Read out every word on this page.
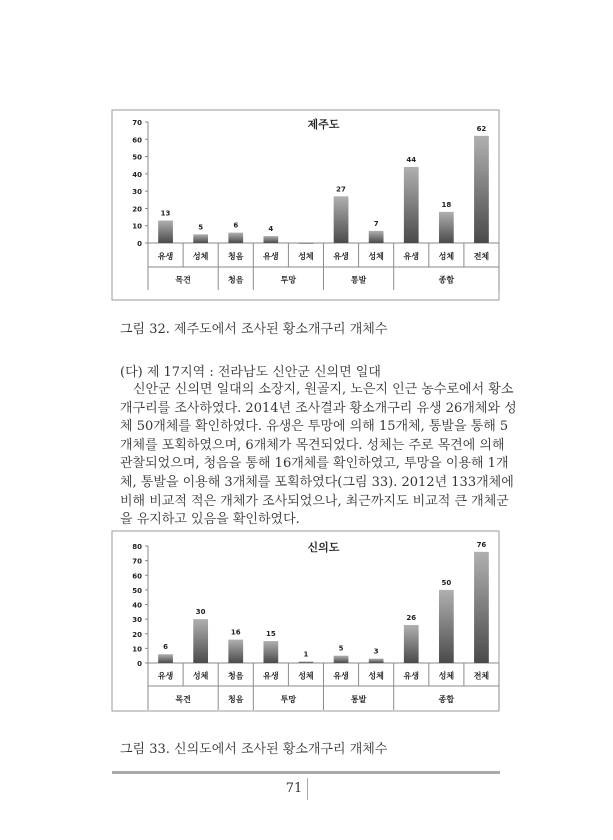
제주도
0
10
20
30
40
50
60
70
13
유생
5
성체
6
청음
4
유생 성체
27
유생
7
성체
44
유생
18
성체
62
전체
목견	청음	투망	통발	종합
신의도
0
10
20
30
40
50
60
70
80
6
유생
30
성체
16
청음
15
유생
1
성체
5
유생
3
성체
26
유생
50
성체
76
전체
목견	청음	투망	통발	종합
그림 32. 제주도에서 조사된 황소개구리 개체수
(다) 제 17지역 : 전라남도 신안군 신의면 일대

신안군 신의면 일대의 소장지, 원골지, 노은지 인근 농수로에서 황소개구리를 조사하였다. 2014년 조사결과 황소개구리 유생 26개체와 성체 50개체를 확인하였다. 유생은 투망에 의해 15개체, 통발을 통해 5개체를 포획하였으며, 6개체가 목견되었다. 성체는 주로 목견에 의해 관찰되었으며, 청음을 통해 16개체를 확인하였고, 투망을 이용해 1개체, 통발을 이용해 3개체를 포획하였다(그림 33). 2012년 133개체에 비해 비교적 적은 개체가 조사되었으나, 최근까지도 비교적 큰 개체군을 유지하고 있음을 확인하였다.

그림 33. 신의도에서 조사된 황소개구리 개체수
71
